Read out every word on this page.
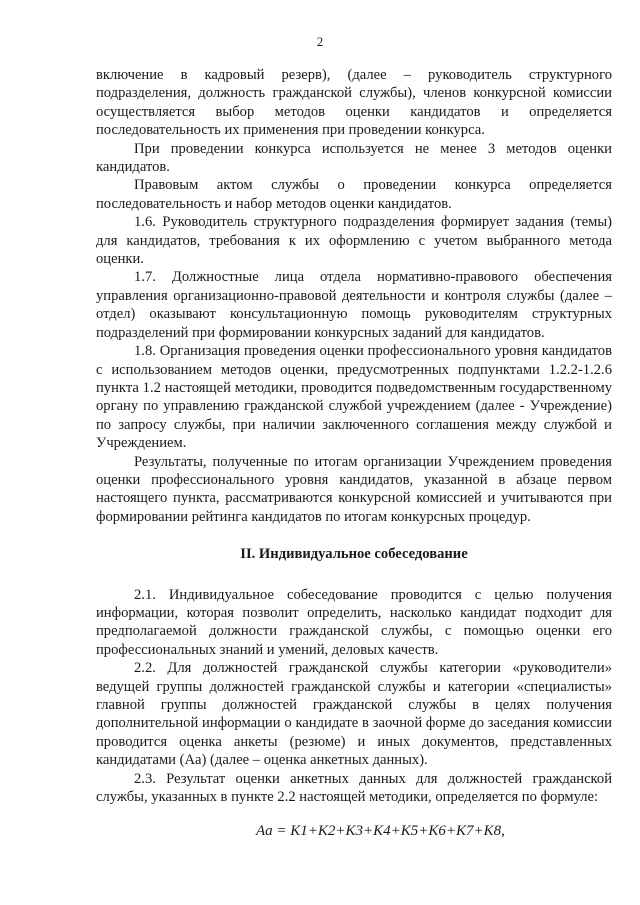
2

включение в кадровый резерв), (далее – руководитель структурного подразделения, должность гражданской службы), членов конкурсной комиссии осуществляется выбор методов оценки кандидатов и определяется последовательность их применения при проведении конкурса.

При проведении конкурса используется не менее 3 методов оценки кандидатов.

Правовым актом службы о проведении конкурса определяется последовательность и набор методов оценки кандидатов.

1.6. Руководитель структурного подразделения формирует задания (темы) для кандидатов, требования к их оформлению с учетом выбранного метода оценки.

1.7. Должностные лица отдела нормативно-правового обеспечения управления организационно-правовой деятельности и контроля службы (далее – отдел) оказывают консультационную помощь руководителям структурных подразделений при формировании конкурсных заданий для кандидатов.

1.8. Организация проведения оценки профессионального уровня кандидатов с использованием методов оценки, предусмотренных подпунктами 1.2.2-1.2.6 пункта 1.2 настоящей методики, проводится подведомственным государственному органу по управлению гражданской службой учреждением (далее - Учреждение) по запросу службы, при наличии заключенного соглашения между службой и Учреждением.

Результаты, полученные по итогам организации Учреждением проведения оценки профессионального уровня кандидатов, указанной в абзаце первом настоящего пункта, рассматриваются конкурсной комиссией и учитываются при формировании рейтинга кандидатов по итогам конкурсных процедур.

II. Индивидуальное собеседование

2.1. Индивидуальное собеседование проводится с целью получения информации, которая позволит определить, насколько кандидат подходит для предполагаемой должности гражданской службы, с помощью оценки его профессиональных знаний и умений, деловых качеств.

2.2. Для должностей гражданской службы категории «руководители» ведущей группы должностей гражданской службы и категории «специалисты» главной группы должностей гражданской службы в целях получения дополнительной информации о кандидате в заочной форме до заседания комиссии проводится оценка анкеты (резюме) и иных документов, представленных кандидатами (Aa) (далее – оценка анкетных данных).

2.3. Результат оценки анкетных данных для должностей гражданской службы, указанных в пункте 2.2 настоящей методики, определяется по формуле:

Aa = K1+K2+K3+K4+K5+K6+K7+K8,
